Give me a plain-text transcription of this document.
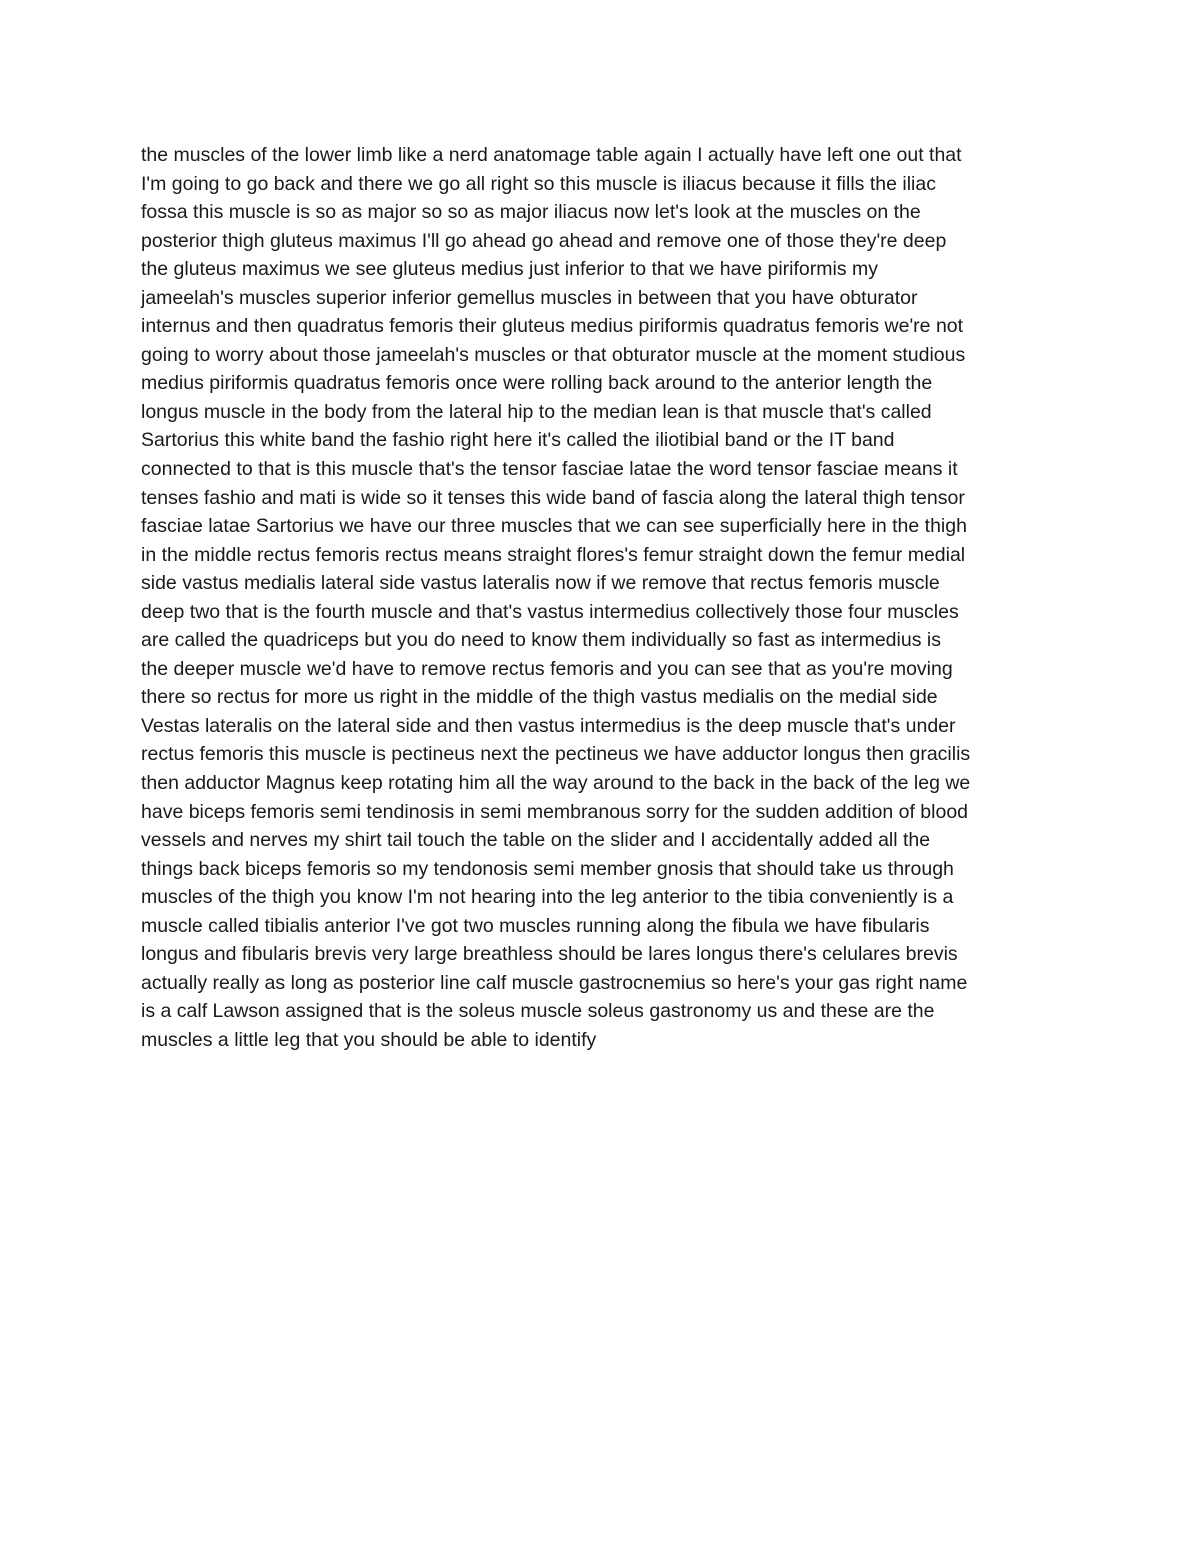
the muscles of the lower limb like a nerd anatomage table again I actually have left one out that
I'm going to go back and there we go all right so this muscle is iliacus because it fills the iliac
fossa this muscle is so as major so so as major iliacus now let's look at the muscles on the
posterior thigh gluteus maximus I'll go ahead go ahead and remove one of those they're deep
the gluteus maximus we see gluteus medius just inferior to that we have piriformis my
jameelah's muscles superior inferior gemellus muscles in between that you have obturator
internus and then quadratus femoris their gluteus medius piriformis quadratus femoris we're not
going to worry about those jameelah's muscles or that obturator muscle at the moment studious
medius piriformis quadratus femoris once were rolling back around to the anterior length the
longus muscle in the body from the lateral hip to the median lean is that muscle that's called
Sartorius this white band the fashio right here it's called the iliotibial band or the IT band
connected to that is this muscle that's the tensor fasciae latae the word tensor fasciae means it
tenses fashio and mati is wide so it tenses this wide band of fascia along the lateral thigh tensor
fasciae latae Sartorius we have our three muscles that we can see superficially here in the thigh
in the middle rectus femoris rectus means straight flores's femur straight down the femur medial
side vastus medialis lateral side vastus lateralis now if we remove that rectus femoris muscle
deep two that is the fourth muscle and that's vastus intermedius collectively those four muscles
are called the quadriceps but you do need to know them individually so fast as intermedius is
the deeper muscle we'd have to remove rectus femoris and you can see that as you're moving
there so rectus for more us right in the middle of the thigh vastus medialis on the medial side
Vestas lateralis on the lateral side and then vastus intermedius is the deep muscle that's under
rectus femoris this muscle is pectineus next the pectineus we have adductor longus then gracilis
then adductor Magnus keep rotating him all the way around to the back in the back of the leg we
have biceps femoris semi tendinosis in semi membranous sorry for the sudden addition of blood
vessels and nerves my shirt tail touch the table on the slider and I accidentally added all the
things back biceps femoris so my tendonosis semi member gnosis that should take us through
muscles of the thigh you know I'm not hearing into the leg anterior to the tibia conveniently is a
muscle called tibialis anterior I've got two muscles running along the fibula we have fibularis
longus and fibularis brevis very large breathless should be lares longus there's celulares brevis
actually really as long as posterior line calf muscle gastrocnemius so here's your gas right name
is a calf Lawson assigned that is the soleus muscle soleus gastronomy us and these are the
muscles a little leg that you should be able to identify
